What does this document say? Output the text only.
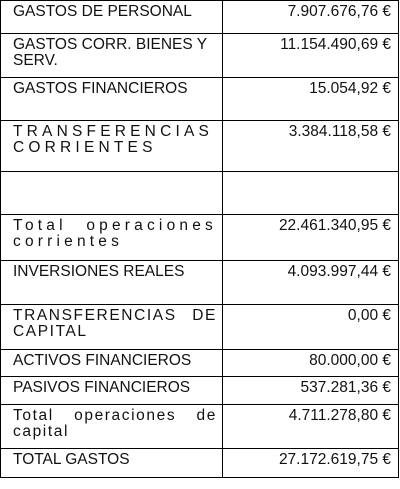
GASTOS DE PERSONAL	7.907.676,76 €
GASTOS CORR. BIENES Y SERV.	11.154.490,69 €
GASTOS FINANCIEROS	15.054,92 €
TRANSFERENCIAS CORRIENTES	3.384.118,58 €

Total operaciones corrientes	22.461.340,95 €
INVERSIONES REALES	4.093.997,44 €
TRANSFERENCIAS DE CAPITAL	0,00 €
ACTIVOS FINANCIEROS	80.000,00 €
PASIVOS FINANCIEROS	537.281,36 €
Total operaciones de capital	4.711.278,80 €
TOTAL GASTOS	27.172.619,75 €
